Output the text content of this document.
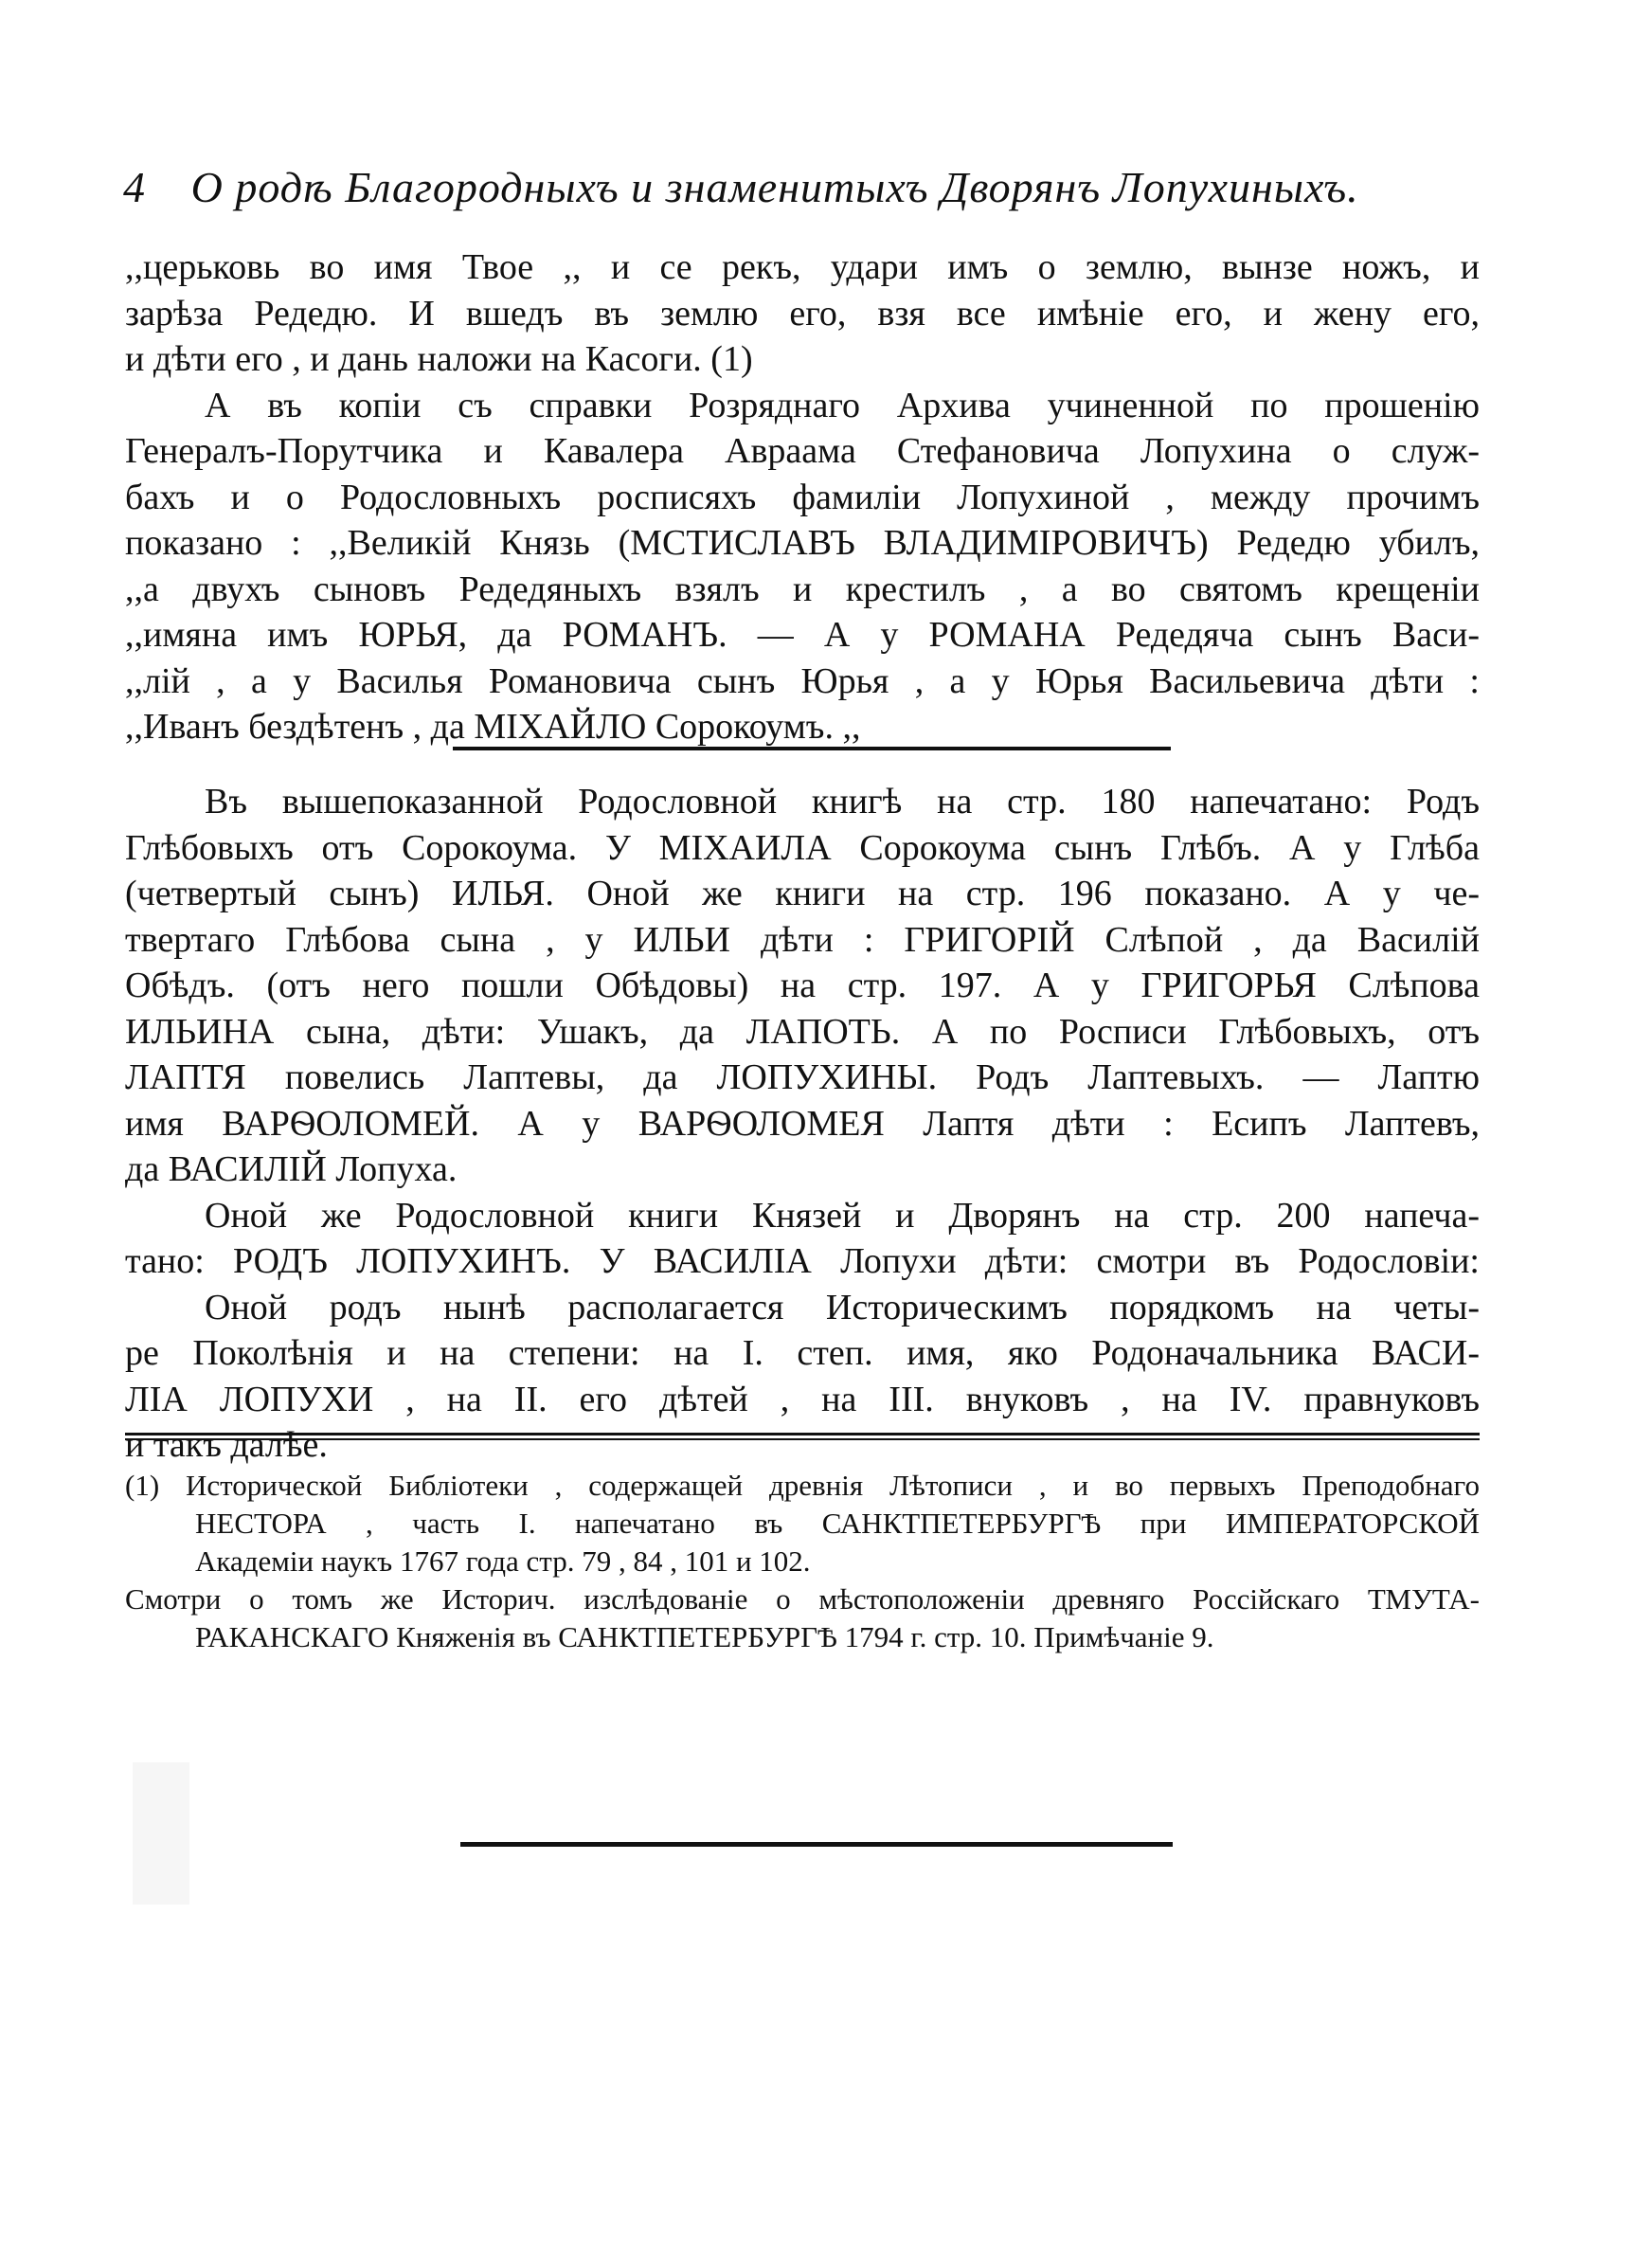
4 О родѣ Благородныхъ и знаменитыхъ Дворянъ Лопухиныхъ.
,,церьковь во имя Твое ,, и се рекъ, удари имъ о землю, вынзе ножъ, и
зарѣза Редедю. И вшедъ въ землю его, взя все имѣніе его, и жену его,
и дѣти его , и дань наложи на Касоги. (1)
А въ копіи съ справки Розряднаго Архива учиненной по прошенію
Генералъ-Порутчика и Кавалера Авраама Стефановича Лопухина о служ-
бахъ и о Родословныхъ росписяхъ фамиліи Лопухиной , между прочимъ
показано : ,,Великій Князь (МСТИСЛАВЪ ВЛАДИМІРОВИЧЪ) Редедю убилъ,
,,а двухъ сыновъ Редедяныхъ взялъ и крестилъ , а во святомъ крещеніи
,,имяна имъ ЮРЬЯ, да РОМАНЪ. — А у РОМАНА Редедяча сынъ Васи-
,,лій , а у Василья Романовича сынъ Юрья , а у Юрья Васильевича дѣти :
,,Иванъ бездѣтенъ , да МІХАЙЛО Сорокоумъ. ,,
Въ вышепоказанной Родословной книгѣ на стр. 180 напечатано: Родъ
Глѣбовыхъ отъ Сорокоума. У МІХАИЛА Сорокоума сынъ Глѣбъ. А у Глѣба
(четвертый сынъ) ИЛЬЯ. Оной же книги на стр. 196 показано. А у че-
твертаго Глѣбова сына , у ИЛЬИ дѣти : ГРИГОРІЙ Слѣпой , да Василій
Обѣдъ. (отъ него пошли Обѣдовы) на стр. 197. А у ГРИГОРЬЯ Слѣпова
ИЛЬИНА сына, дѣти: Ушакъ, да ЛАПОТЬ. А по Росписи Глѣбовыхъ, отъ
ЛАПТЯ повелись Лаптевы, да ЛОПУХИНЫ. Родъ Лаптевыхъ. — Лаптю
имя ВАРѲОЛОМЕЙ. А у ВАРѲОЛОМЕЯ Лаптя дѣти : Есипъ Лаптевъ,
да ВАСИЛІЙ Лопуха.
Оной же Родословной книги Князей и Дворянъ на стр. 200 напеча-
тано: РОДЪ ЛОПУХИНЪ. У ВАСИЛІА Лопухи дѣти: смотри въ Родословіи:
Оной родъ нынѣ располагается Историческимъ порядкомъ на четы-
ре Поколѣнія и на степени: на I. степ. имя, яко Родоначальника ВАСИ-
ЛІА ЛОПУХИ , на II. его дѣтей , на III. внуковъ , на IV. правнуковъ
и такъ далѣе.
(1) Исторической Библіотеки , содержащей древнія Лѣтописи , и во первыхъ Преподобнаго
НЕСТОРА , часть I. напечатано въ САНКТПЕТЕРБУРГѢ при ИМПЕРАТОРСКОЙ
Академіи наукъ 1767 года стр. 79 , 84 , 101 и 102.
Смотри о томъ же Историч. изслѣдованіе о мѣстоположеніи древняго Россійскаго ТМУТА-
РАКАНСКАГО Княженія въ САНКТПЕТЕРБУРГѢ 1794 г. стр. 10. Примѣчаніе 9.
